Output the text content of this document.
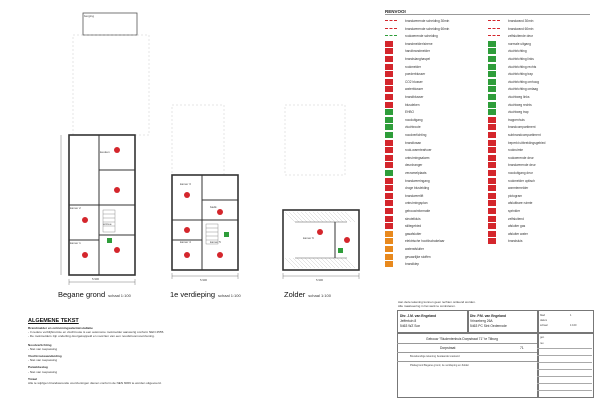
berging
keuken
kamer 2
kamer 1
entree
5.900
Begane grond schaal 1:100
kamer 3
kamer 4	kamer 5
badk.
5.900
1e verdieping schaal 1:100
kamer 6
5.900
Zolder schaal 1:100
RENVOOI
brandwerende scheiding 30min
brandwerende scheiding 60min
rookwerende scheiding
brandmelder/sirene
handbrandmelder
brandslanghaspel
rookmelder
poederblusser
CO2 blusser
waterblusser
brandblusser
blusdeken
EHBO
nooduitgang
vluchtroute
noodverlichting
brandkraan
rook-warmteafvoer
ontruimingsalarm
deurdranger
verzamelplaats
brandweeringang
droge blusleiding
brandweerlift
ontruimingsplan
gebouwinformatie
sleutelkluis
stiltegebied
gasafsluiter
elektrische hoofdschakelaar
waterafsluiter
gevaarlijke stoffen
brandklep
brandwand 30min
brandwand 60min
zelfsluitende deur
normale uitgang
vluchtrichting
vluchtrichting links
vluchtrichting rechts
vluchtrichting trap
vluchtrichting omhoog
vluchtrichting omlaag
vluchtweg links
vluchtweg rechts
vluchtweg trap
trappenhuis
brandcompartiment
subbrandcompartiment
beperkt uitbreidingsgebied
rookruimte
rookwerende deur
brandwerende deur
nooduitgang deur
rookmelder optisch
warmtemelder
pictogram
afsluitbare ruimte
sprinkler
zelfsluitend
afsluiter gas
afsluiter water
brandsluis
Aan deze tekening kunnen geen rechten ontleend worden.
Alle maatvoering in het werk te controleren.
ALGEMENE TEKST
Brandmelder en ontruimingsalarminstallatie
- In iedere verblijfsruimte en vluchtroute is een autonome rookmelder aanwezig conform NEN 2555.
- De rookmelders zijn onderling doorgekoppeld en voorzien van een noodstroomvoorziening.
Noodverlichting
- Niet van toepassing
Vluchtrouteaanduiding
- Niet van toepassing
Paniekbeslag
- Niet van toepassing
Totaal
Alle te wijzigen brandwerende voorzieningen dienen conform de NEN 6069 te worden uitgevoerd.
Dhr. J.M. van Engeland
Jeffertuin 8
5463 WZ Son
Dhr. P.M. van Engeland
Vrinzeberg 26A
5463 PC Sint Oedenrode
blad	1
datum
schaal	1:100
Gebouw "Studentenhuis Dorpstraat 71" te Tilburg
Dorpstraat	71
Bouwkundige tekening bestaande toestand
Plattegrond Begane grond, 1e verdieping en Zolder
get.
rev.
